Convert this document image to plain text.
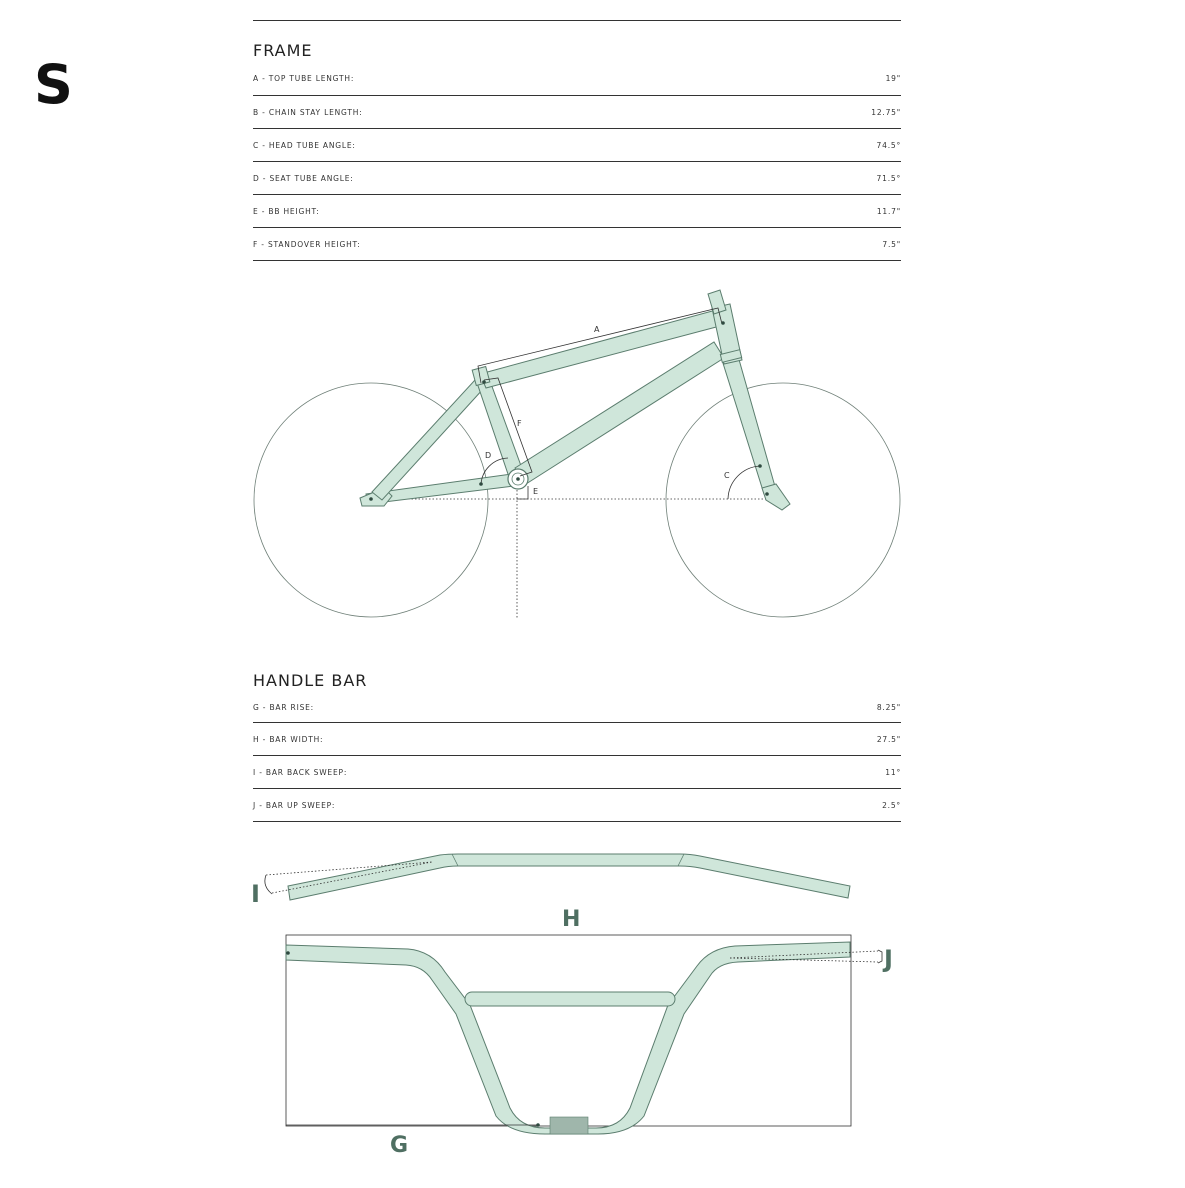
S
FRAME
A - TOP TUBE LENGTH:	19"
B - CHAIN STAY LENGTH:	12.75"
C - HEAD TUBE ANGLE:	74.5°
D - SEAT TUBE ANGLE:	71.5°
E - BB HEIGHT:	11.7"
F - STANDOVER HEIGHT:	7.5"
HANDLE BAR
G - BAR RISE:	8.25"
H - BAR WIDTH:	27.5"
I - BAR BACK SWEEP:	11°
J - BAR UP SWEEP:	2.5°
A
F
D
C
E
I
H
G
J
